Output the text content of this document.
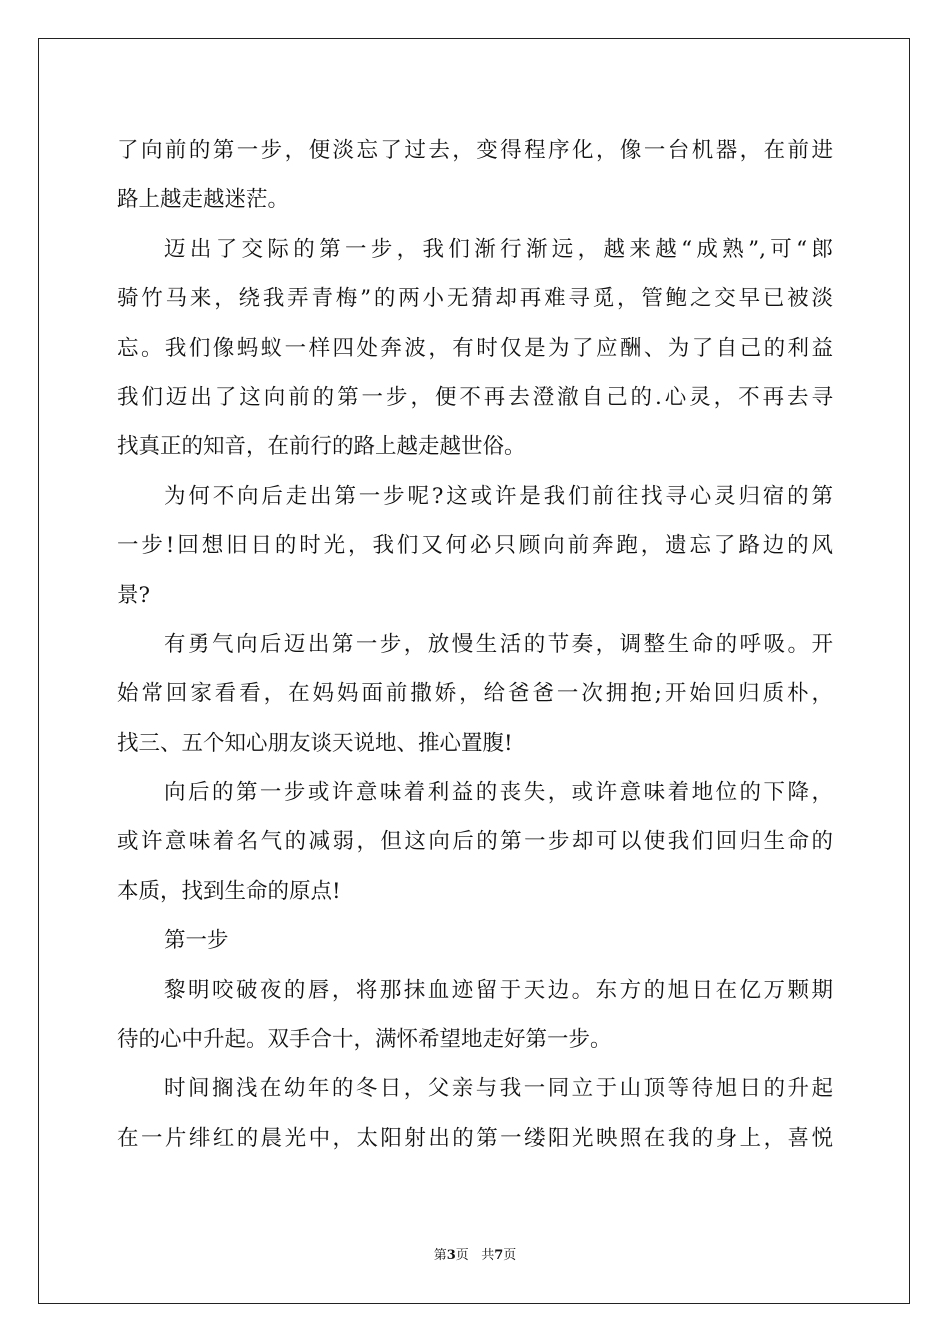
了向前的第一步，便淡忘了过去，变得程序化，像一台机器，在前进
路上越走越迷茫。
迈出了交际的第一步，我们渐行渐远，越来越“成熟”,可“郎
骑竹马来，绕我弄青梅”的两小无猜却再难寻觅，管鲍之交早已被淡
忘。我们像蚂蚁一样四处奔波，有时仅是为了应酬、为了自己的利益
我们迈出了这向前的第一步，便不再去澄澈自己的.心灵，不再去寻
找真正的知音，在前行的路上越走越世俗。
为何不向后走出第一步呢?这或许是我们前往找寻心灵归宿的第
一步!回想旧日的时光，我们又何必只顾向前奔跑，遗忘了路边的风
景?
有勇气向后迈出第一步，放慢生活的节奏，调整生命的呼吸。开
始常回家看看，在妈妈面前撒娇，给爸爸一次拥抱;开始回归质朴，
找三、五个知心朋友谈天说地、推心置腹!
向后的第一步或许意味着利益的丧失，或许意味着地位的下降，
或许意味着名气的减弱，但这向后的第一步却可以使我们回归生命的
本质，找到生命的原点!
第一步
黎明咬破夜的唇，将那抹血迹留于天边。东方的旭日在亿万颗期
待的心中升起。双手合十，满怀希望地走好第一步。
时间搁浅在幼年的冬日，父亲与我一同立于山顶等待旭日的升起
在一片绯红的晨光中，太阳射出的第一缕阳光映照在我的身上，喜悦
第3页   共7页
